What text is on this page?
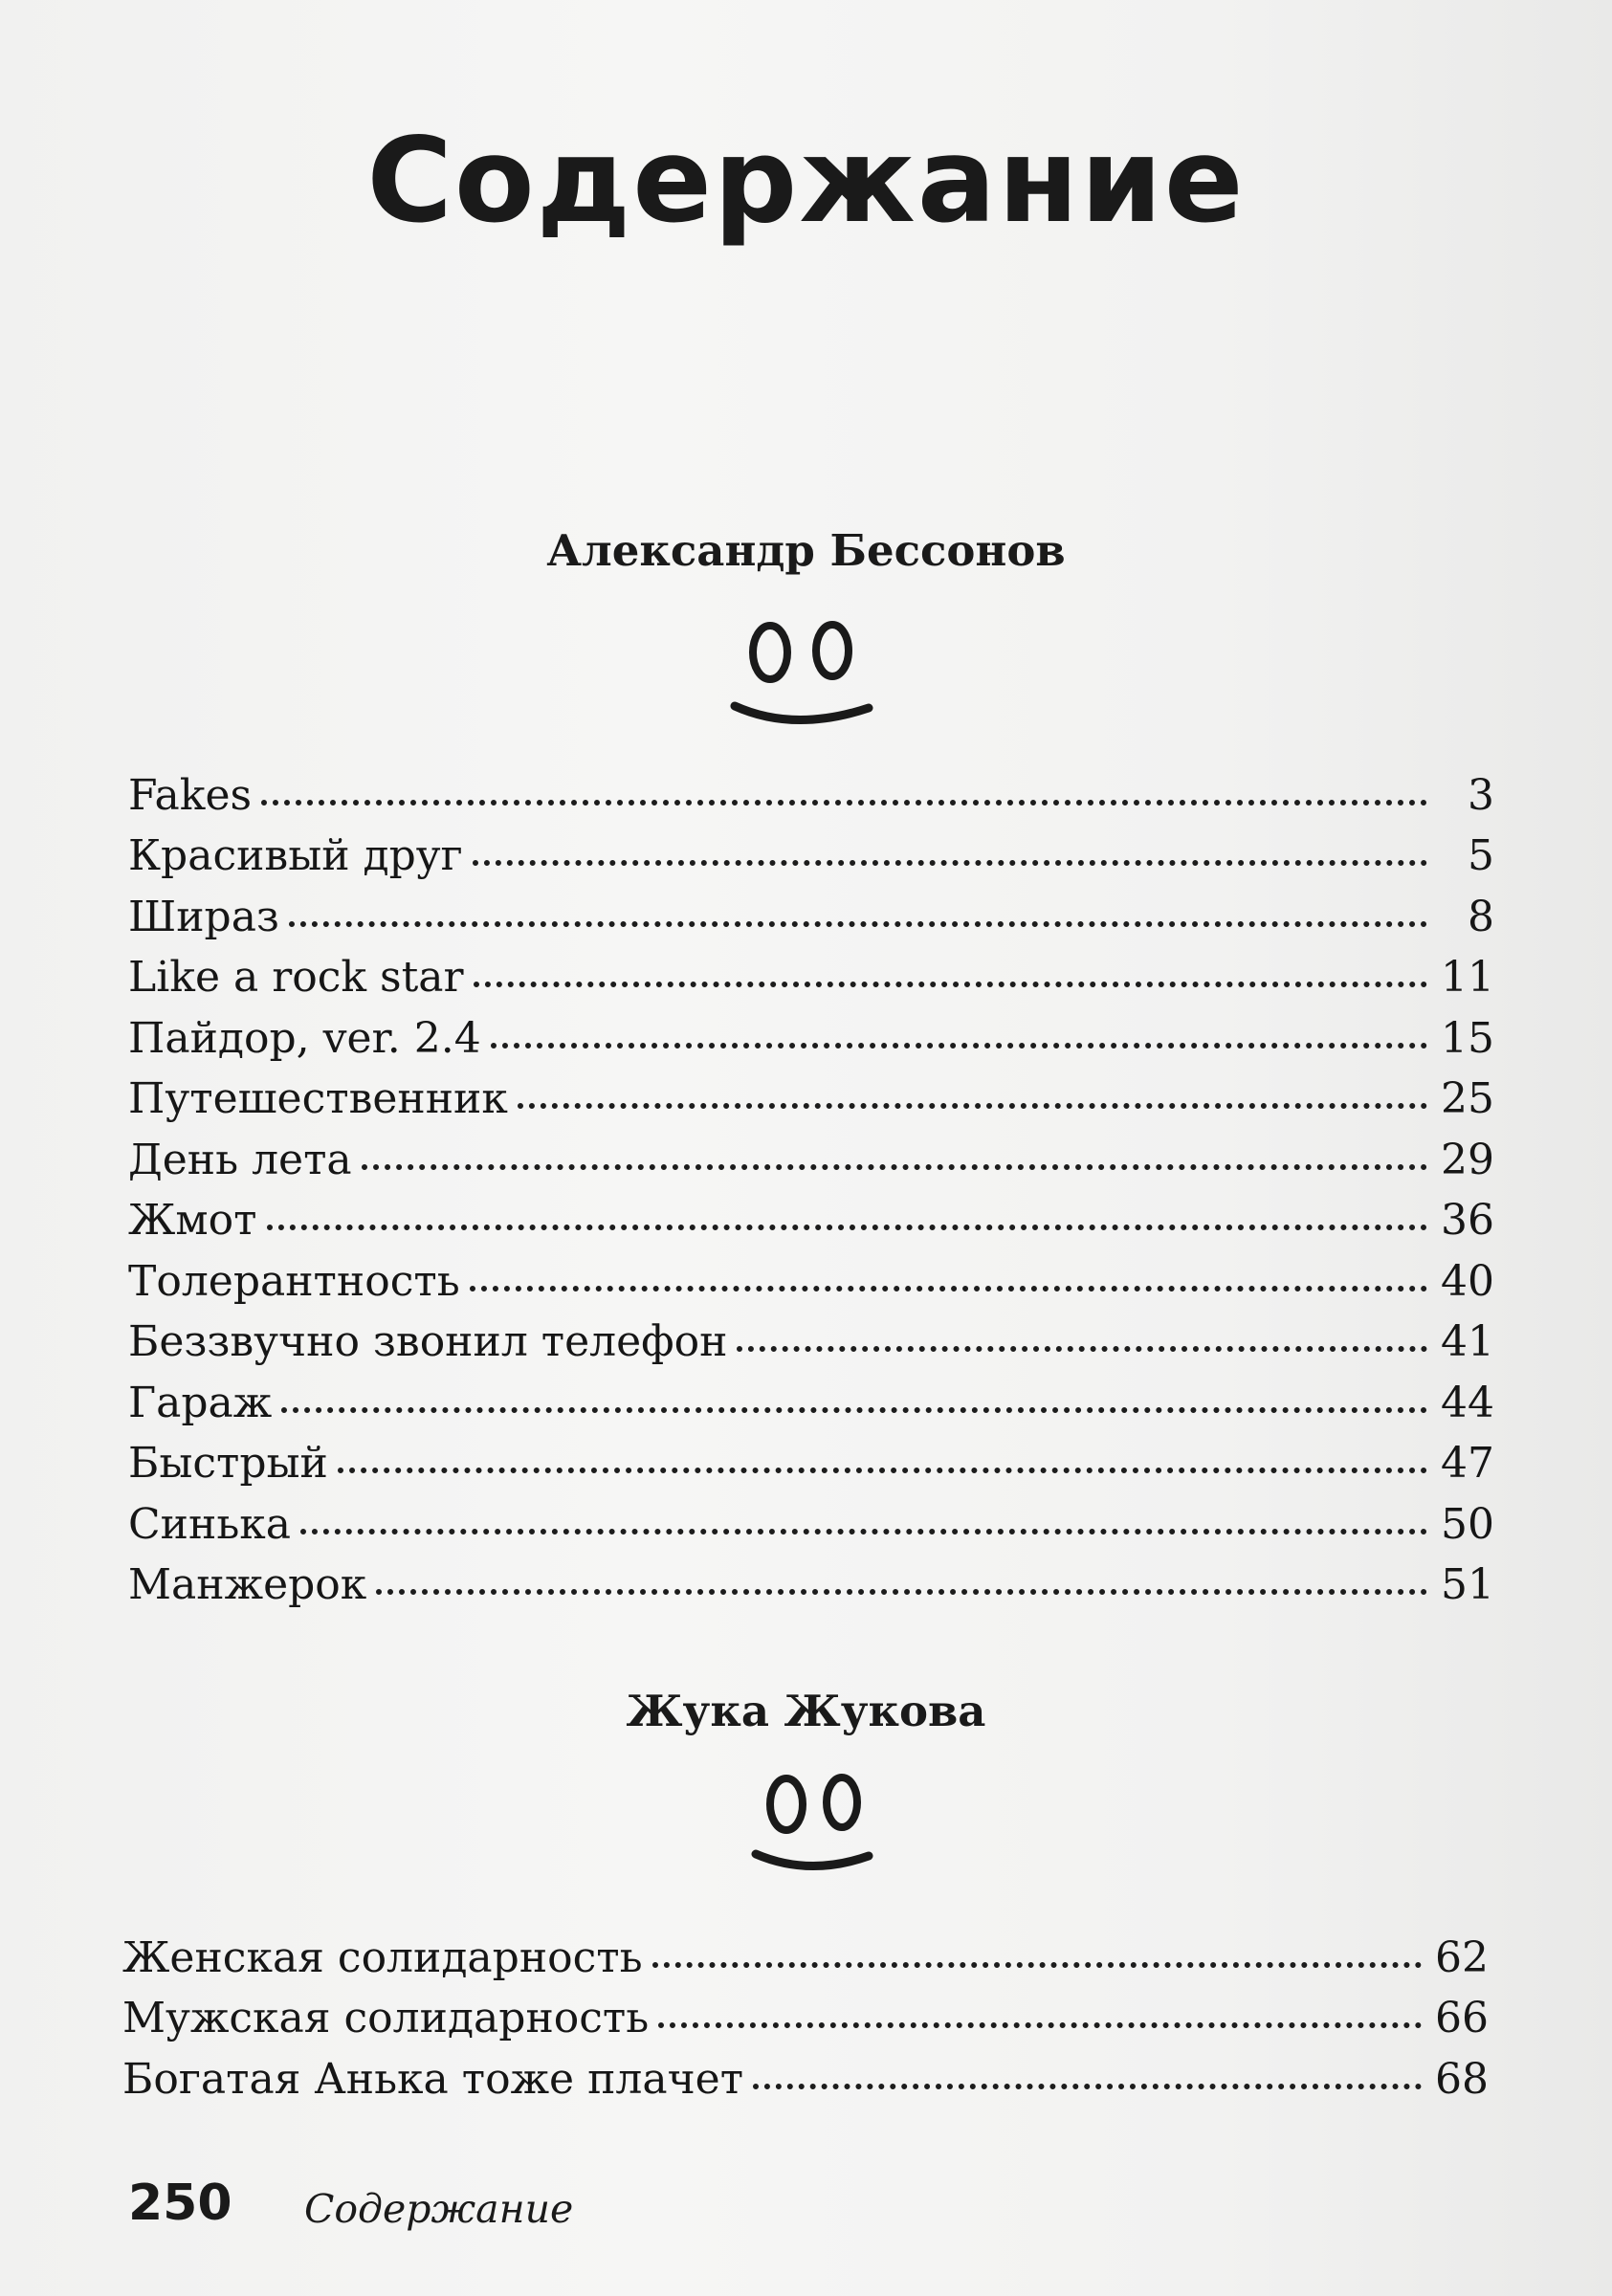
Содержание
Александр Бессонов
Fakes	3
Красивый друг	5
Шираз	8
Like a rock star	11
Пайдор, ver. 2.4	15
Путешественник	25
День лета	29
Жмот	36
Толерантность	40
Беззвучно звонил телефон	41
Гараж	44
Быстрый	47
Синька	50
Манжерок	51
Жука Жукова
Женская солидарность	62
Мужская солидарность	66
Богатая Анька тоже плачет	68
250 Содержание
